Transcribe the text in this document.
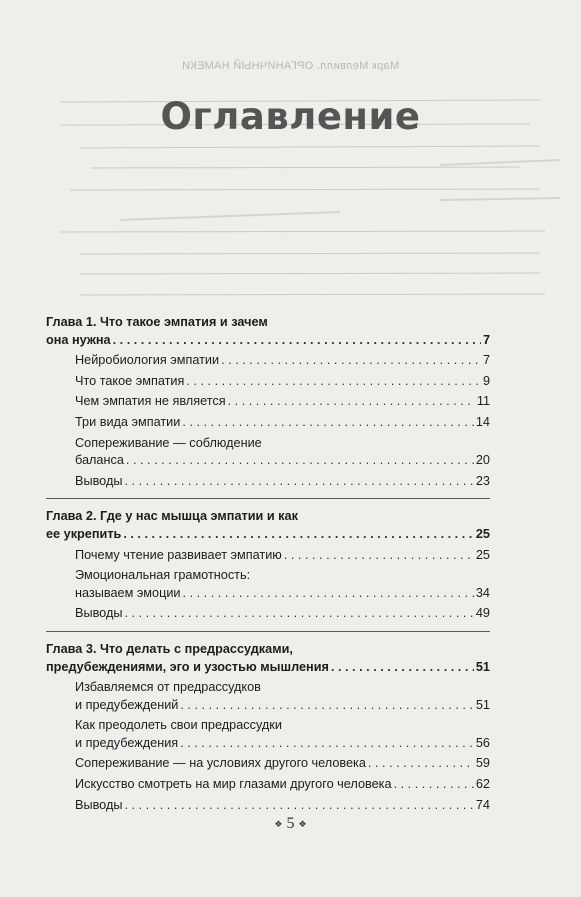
Марк Мелвилл. ОРГАНИЧНЫЙ НАМЕКИ
Оглавление
Глава 1. Что такое эмпатия и зачем
она нужна . . .	7
Нейробиология эмпатии . . .	7
Что такое эмпатия . . .	9
Чем эмпатия не является . . .	11
Три вида эмпатии . . .	14
Сопереживание — соблюдение
баланса . . .	20
Выводы . . .	23
Глава 2. Где у нас мышца эмпатии и как
ее укрепить . . .	25
Почему чтение развивает эмпатию . . .	25
Эмоциональная грамотность:
называем эмоции . . .	34
Выводы . . .	49
Глава 3. Что делать с предрассудками,
предубеждениями, эго и узостью мышления . . .	51
Избавляемся от предрассудков
и предубеждений . . .	51
Как преодолеть свои предрассудки
и предубеждения . . .	56
Сопереживание — на условиях другого человека . . .	59
Искусство смотреть на мир глазами другого человека . . .	62
Выводы . . .	74
❖ 5 ❖
